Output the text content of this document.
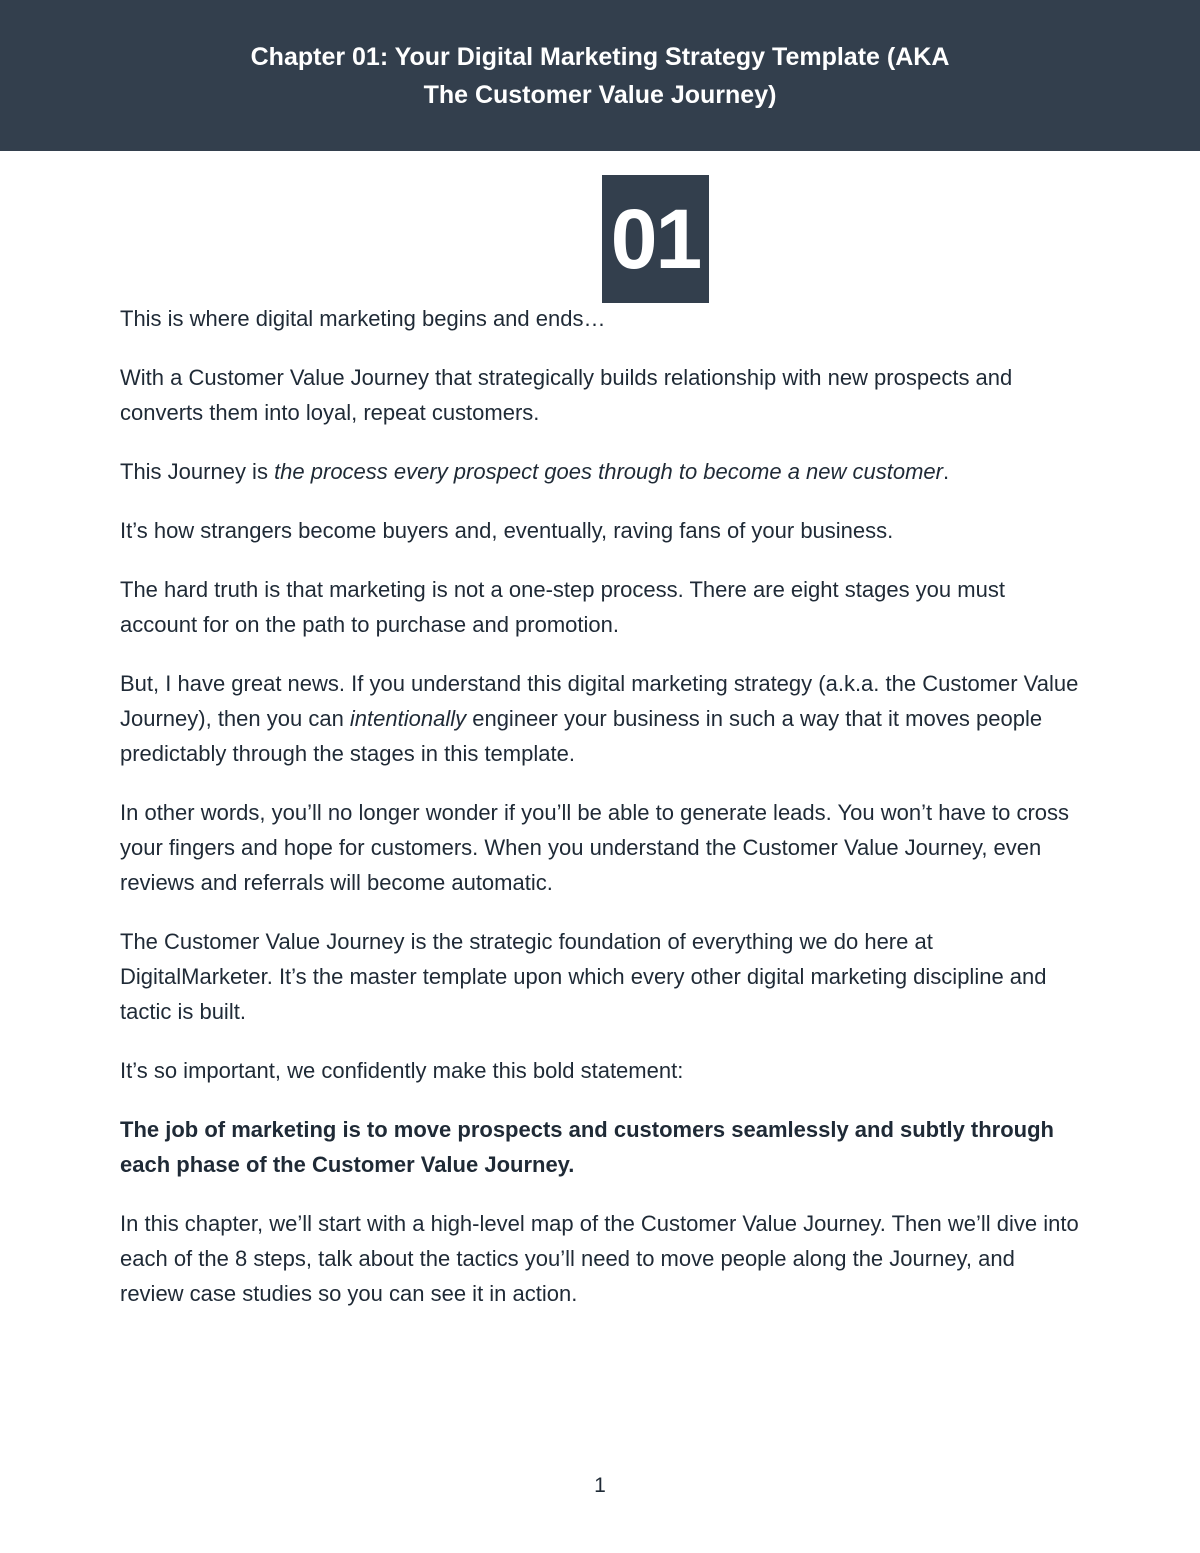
Chapter 01: Your Digital Marketing Strategy Template (AKA

The Customer Value Journey)

01

This is where digital marketing begins and ends…

With a Customer Value Journey that strategically builds relationship with new prospects and converts them into loyal, repeat customers.

This Journey is the process every prospect goes through to become a new customer.

It’s how strangers become buyers and, eventually, raving fans of your business.

The hard truth is that marketing is not a one-step process. There are eight stages you must account for on the path to purchase and promotion.

But, I have great news. If you understand this digital marketing strategy (a.k.a. the Customer Value Journey), then you can intentionally engineer your business in such a way that it moves people predictably through the stages in this template.

In other words, you’ll no longer wonder if you’ll be able to generate leads. You won’t have to cross your fingers and hope for customers. When you understand the Customer Value Journey, even reviews and referrals will become automatic.

The Customer Value Journey is the strategic foundation of everything we do here at DigitalMarketer. It’s the master template upon which every other digital marketing discipline and tactic is built.

It’s so important, we confidently make this bold statement:

The job of marketing is to move prospects and customers seamlessly and subtly through each phase of the Customer Value Journey.

In this chapter, we’ll start with a high-level map of the Customer Value Journey. Then we’ll dive into each of the 8 steps, talk about the tactics you’ll need to move people along the Journey, and review case studies so you can see it in action.

1
